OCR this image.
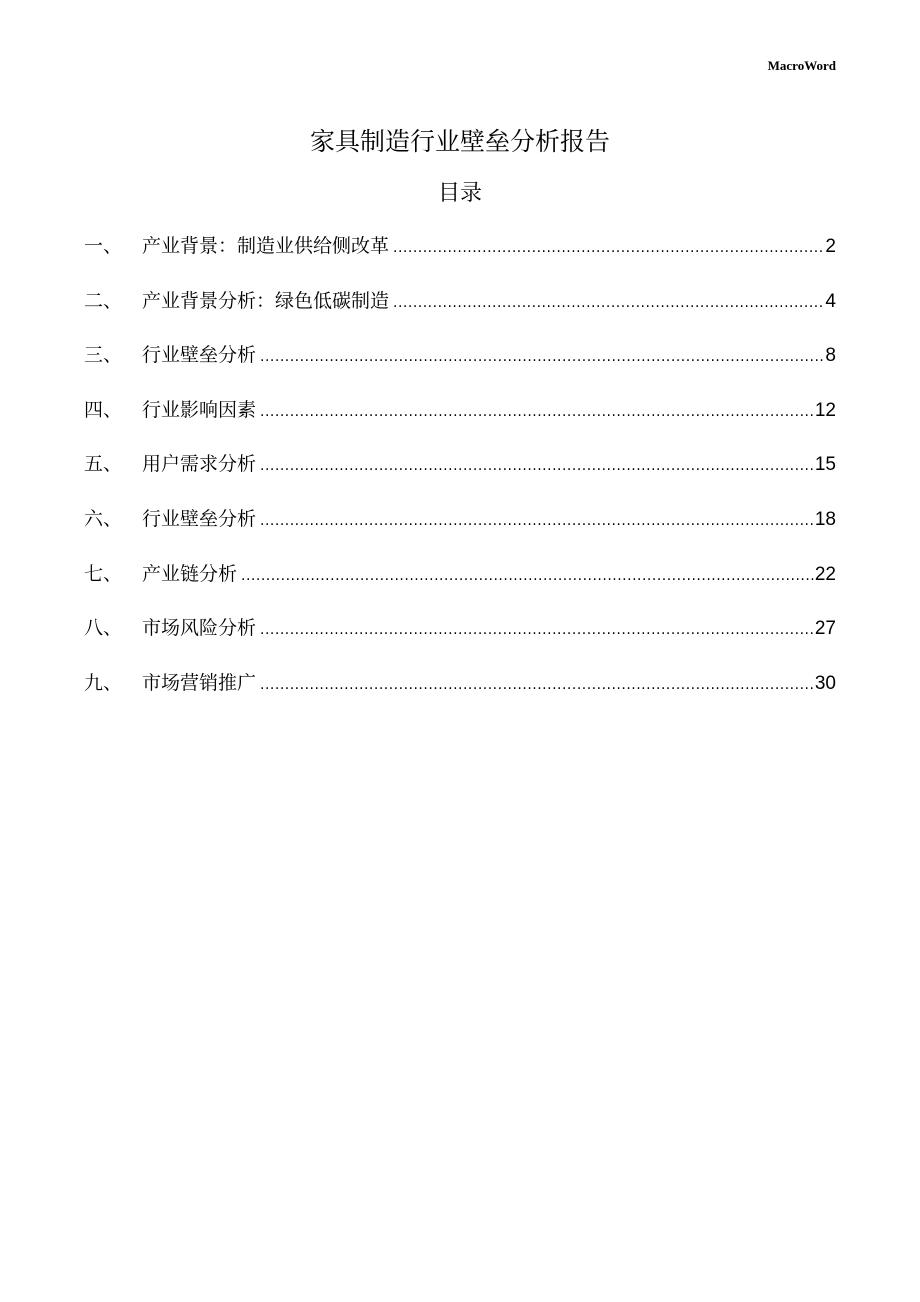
MacroWord
家具制造行业壁垒分析报告
目录
一、	产业背景：制造业供给侧改革 .....	2
二、	产业背景分析：绿色低碳制造 .....	4
三、	行业壁垒分析 .....	8
四、	行业影响因素 .....	12
五、	用户需求分析 .....	15
六、	行业壁垒分析 .....	18
七、	产业链分析 .....	22
八、	市场风险分析 .....	27
九、	市场营销推广 .....	30
